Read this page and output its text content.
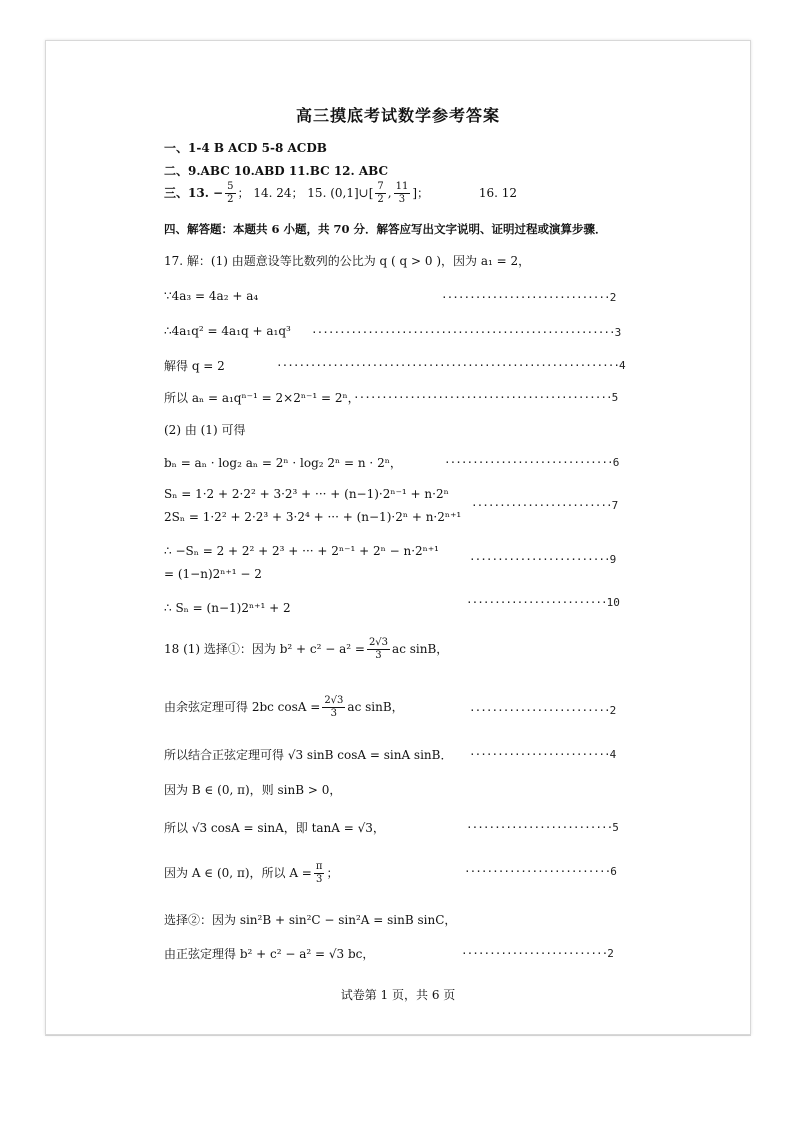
高三摸底考试数学参考答案
一、1-4 B ACD 5-8 ACDB
二、9.ABC 10.ABD 11.BC 12. ABC
三、13. − $\frac{5}{2}$ ； 14. 24； 15. (0,1]∪[ $\frac{7}{2}$ , $\frac{11}{3}$ ]；	16. 12
四、解答题：本题共 6 小题，共 70 分．解答应写出文字说明、证明过程或演算步骤．
17. 解：(1) 由题意设等比数列的公比为 q ( q > 0 )，因为 a₁ = 2，
∵4a₃ = 4a₂ + a₄	······························2
∴4a₁q² = 4a₁q + a₁q³ ······················································3
解得 q = 2	·····························································4
所以 aₙ = a₁qⁿ⁻¹ = 2×2ⁿ⁻¹ = 2ⁿ，
··············································5
(2) 由 (1) 可得
bₙ = aₙ · log₂ aₙ = 2ⁿ · log₂ 2ⁿ = n · 2ⁿ，	······························6
Sₙ = 1·2 + 2·2² + 3·2³ + ··· + (n−1)·2ⁿ⁻¹ + n·2ⁿ
2Sₙ = 1·2² + 2·2³ + 3·2⁴ + ··· + (n−1)·2ⁿ + n·2ⁿ⁺¹
·························7
∴ −Sₙ = 2 + 2² + 2³ + ··· + 2ⁿ⁻¹ + 2ⁿ − n·2ⁿ⁺¹
= (1−n)2ⁿ⁺¹ − 2
·························9
∴ Sₙ = (n−1)2ⁿ⁺¹ + 2	·························10
18 (1) 选择①：因为 $b^2 + c^2 - a^2 = \frac{2√3}{3}$ ac sinB，
由余弦定理可得 2bc $\cos A = \frac{2√3}{3}$ ac sinB，	·························2
所以结合正弦定理可得 √3 sinB cosA = sinA sinB． ·························4
因为 B ∈ (0, π)，则 sinB > 0，
所以 √3 cosA = sinA，即 tanA = √3，	··························5
因为 A ∈ (0, π)，所以 $A = \frac{\pi}{3}$ ；	··························6
选择②：因为 sin²B + sin²C − sin²A = sinB sinC，
由正弦定理得 b² + c² − a² = √3 bc，	··························2
试卷第 1 页，共 6 页
